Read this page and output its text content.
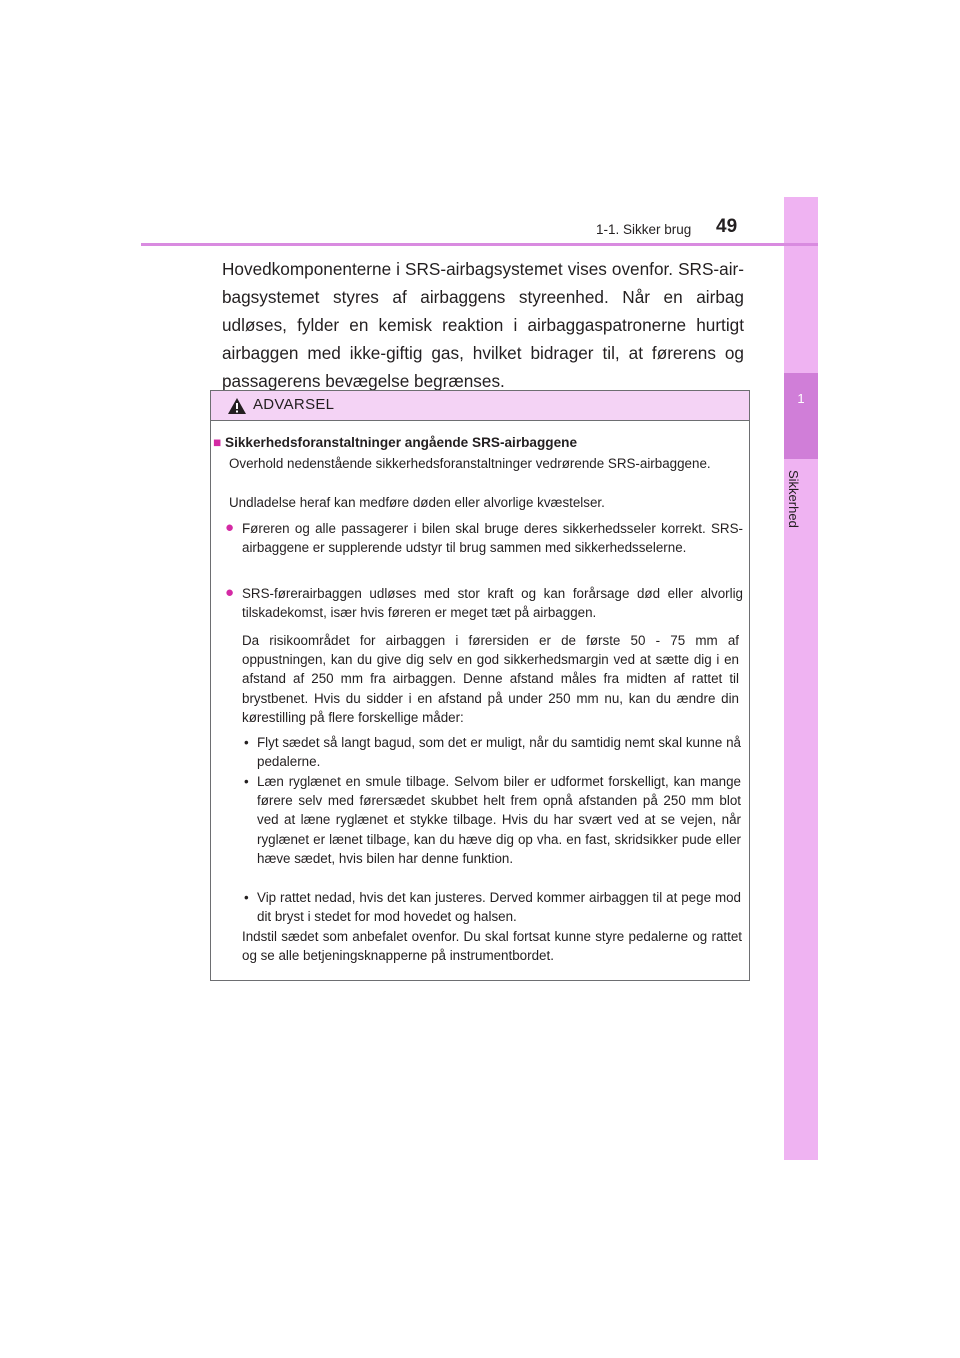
1
Sikkerhed
1-1. Sikker brug 49

Hovedkomponenterne i SRS-airbagsystemet vises ovenfor. SRS-airbagsystemet styres af airbaggens styreenhed. Når en airbag udløses, fylder en kemisk reaktion i airbaggaspatronerne hurtigt airbaggen med ikke-giftig gas, hvilket bidrager til, at førerens og passagerens bevægelse begrænses.

ADVARSEL

■ Sikkerhedsforanstaltninger angående SRS-airbaggene

Overhold nedenstående sikkerhedsforanstaltninger vedrørende SRS-airbaggene.

Undladelse heraf kan medføre døden eller alvorlige kvæstelser.

● Føreren og alle passagerer i bilen skal bruge deres sikkerhedsseler korrekt. SRS-airbaggene er supplerende udstyr til brug sammen med sikkerhedsselerne.

● SRS-førerairbaggen udløses med stor kraft og kan forårsage død eller alvorlig tilskadekomst, især hvis føreren er meget tæt på airbaggen.

Da risikoområdet for airbaggen i førersiden er de første 50 - 75 mm af oppustningen, kan du give dig selv en god sikkerhedsmargin ved at sætte dig i en afstand af 250 mm fra airbaggen. Denne afstand måles fra midten af rattet til brystbenet. Hvis du sidder i en afstand på under 250 mm nu, kan du ændre din kørestilling på flere forskellige måder:

• Flyt sædet så langt bagud, som det er muligt, når du samtidig nemt skal kunne nå pedalerne.

• Læn ryglænet en smule tilbage. Selvom biler er udformet forskelligt, kan mange førere selv med førersædet skubbet helt frem opnå afstanden på 250 mm blot ved at læne ryglænet et stykke tilbage. Hvis du har svært ved at se vejen, når ryglænet er lænet tilbage, kan du hæve dig op vha. en fast, skridsikker pude eller hæve sædet, hvis bilen har denne funktion.

• Vip rattet nedad, hvis det kan justeres. Derved kommer airbaggen til at pege mod dit bryst i stedet for mod hovedet og halsen.

Indstil sædet som anbefalet ovenfor. Du skal fortsat kunne styre pedalerne og rattet og se alle betjeningsknapperne på instrumentbordet.
